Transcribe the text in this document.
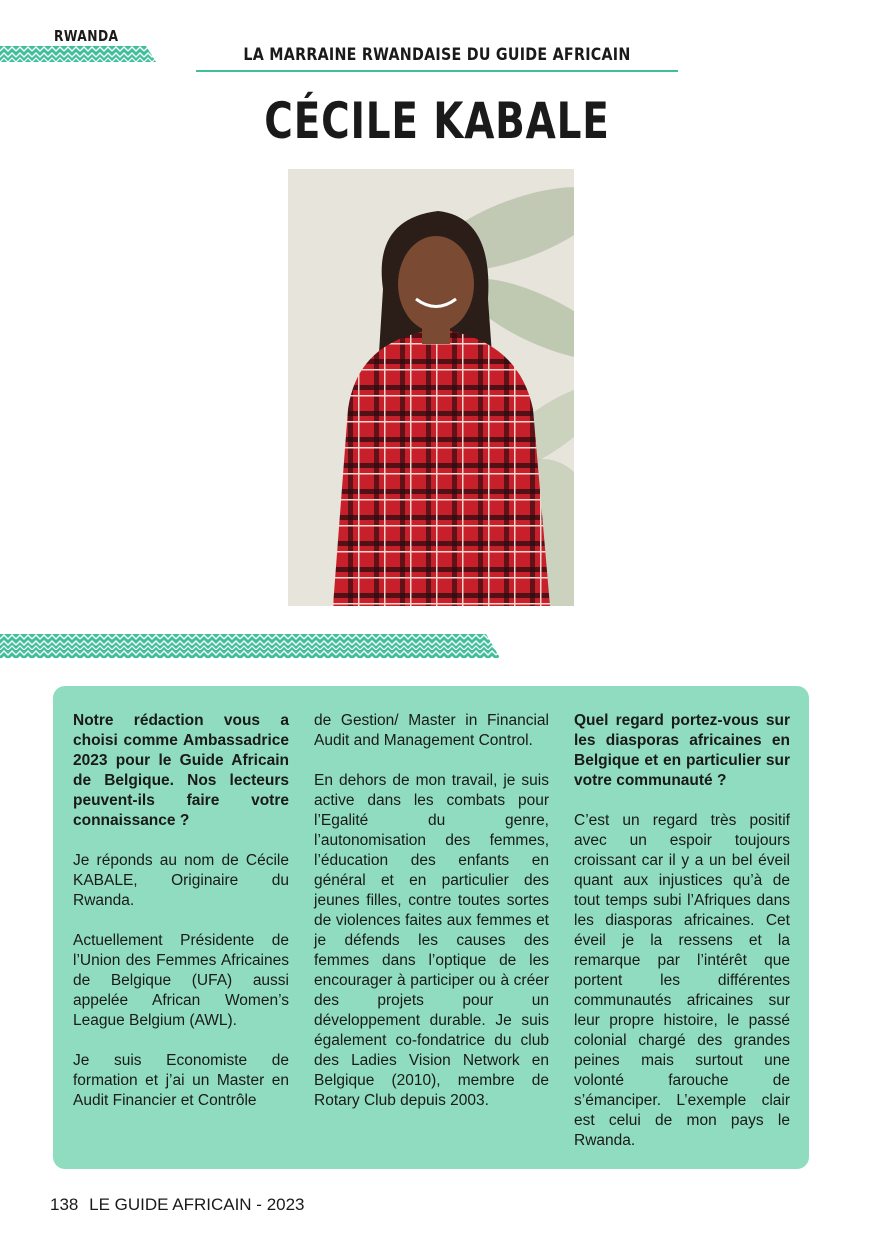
RWANDA
LA MARRAINE RWANDAISE DU GUIDE AFRICAIN
CÉCILE KABALE

Notre rédaction vous a choisi comme Ambassadrice 2023 pour le Guide Africain de Belgique. Nos lecteurs peuvent-ils faire votre connaissance ?

Je réponds au nom de Cécile KABALE, Originaire du Rwanda.

Actuellement Présidente de l’Union des Femmes Africaines de Belgique (UFA) aussi appelée African Women’s League Belgium (AWL).

Je suis Economiste de formation et j’ai un Master en Audit Financier et Contrôle

de Gestion/ Master in Financial Audit and Management Control.

En dehors de mon travail, je suis active dans les combats pour l’Egalité du genre, l’autonomisation des femmes, l’éducation des enfants en général et en particulier des jeunes filles, contre toutes sortes de violences faites aux femmes et je défends les causes des femmes dans l’optique de les encourager à participer ou à créer des projets pour un développement durable. Je suis également co-fondatrice du club des Ladies Vision Network en Belgique (2010), membre de Rotary Club depuis 2003.

Quel regard portez-vous sur les diasporas africaines en Belgique et en particulier sur votre communauté ?

C’est un regard très positif avec un espoir toujours croissant car il y a un bel éveil quant aux injustices qu’à de tout temps subi l’Afriques dans les diasporas africaines. Cet éveil je la ressens et la remarque par l’intérêt que portent les différentes communautés africaines sur leur propre histoire, le passé colonial chargé des grandes peines mais surtout une volonté farouche de s’émanciper. L’exemple clair est celui de mon pays le Rwanda.

138 LE GUIDE AFRICAIN - 2023
